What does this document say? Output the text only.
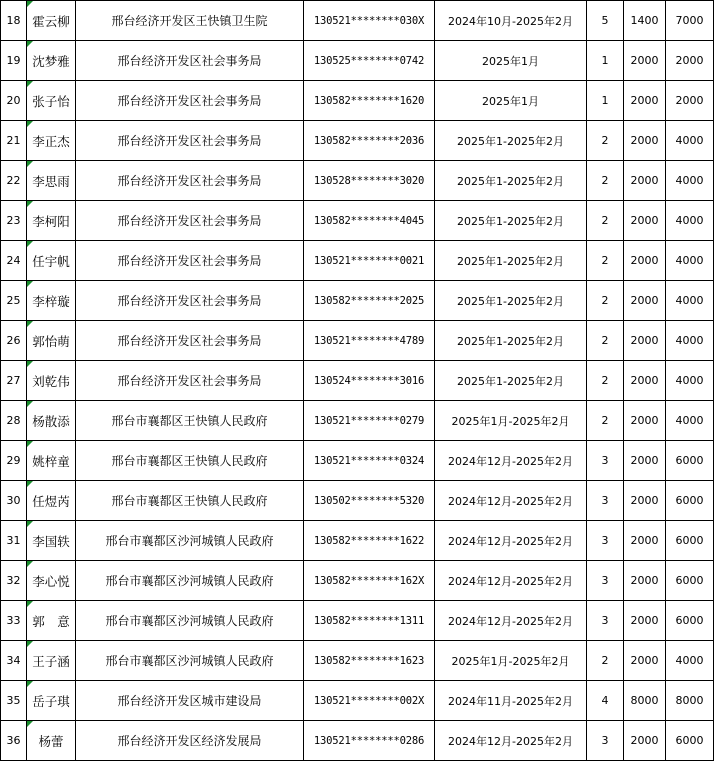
18	霍云柳	邢台经济开发区王快镇卫生院	130521********030X	2024年10月-2025年2月	5	1400	7000
19	沈梦雅	邢台经济开发区社会事务局	130525********0742	2025年1月	1	2000	2000
20	张子怡	邢台经济开发区社会事务局	130582********1620	2025年1月	1	2000	2000
21	李正杰	邢台经济开发区社会事务局	130582********2036	2025年1-2025年2月	2	2000	4000
22	李思雨	邢台经济开发区社会事务局	130528********3020	2025年1-2025年2月	2	2000	4000
23	李柯阳	邢台经济开发区社会事务局	130582********4045	2025年1-2025年2月	2	2000	4000
24	任宇帆	邢台经济开发区社会事务局	130521********0021	2025年1-2025年2月	2	2000	4000
25	李梓璇	邢台经济开发区社会事务局	130582********2025	2025年1-2025年2月	2	2000	4000
26	郭怡萌	邢台经济开发区社会事务局	130521********4789	2025年1-2025年2月	2	2000	4000
27	刘乾伟	邢台经济开发区社会事务局	130524********3016	2025年1-2025年2月	2	2000	4000
28	杨散添	邢台市襄都区王快镇人民政府	130521********0279	2025年1月-2025年2月	2	2000	4000
29	姚梓童	邢台市襄都区王快镇人民政府	130521********0324	2024年12月-2025年2月	3	2000	6000
30	任煜芮	邢台市襄都区王快镇人民政府	130502********5320	2024年12月-2025年2月	3	2000	6000
31	李国轶	邢台市襄都区沙河城镇人民政府	130582********1622	2024年12月-2025年2月	3	2000	6000
32	李心悦	邢台市襄都区沙河城镇人民政府	130582********162X	2024年12月-2025年2月	3	2000	6000
33	郭　意	邢台市襄都区沙河城镇人民政府	130582********1311	2024年12月-2025年2月	3	2000	6000
34	王子涵	邢台市襄都区沙河城镇人民政府	130582********1623	2025年1月-2025年2月	2	2000	4000
35	岳子琪	邢台经济开发区城市建设局	130521********002X	2024年11月-2025年2月	4	8000	8000
36	杨蕾	邢台经济开发区经济发展局	130521********0286	2024年12月-2025年2月	3	2000	6000
